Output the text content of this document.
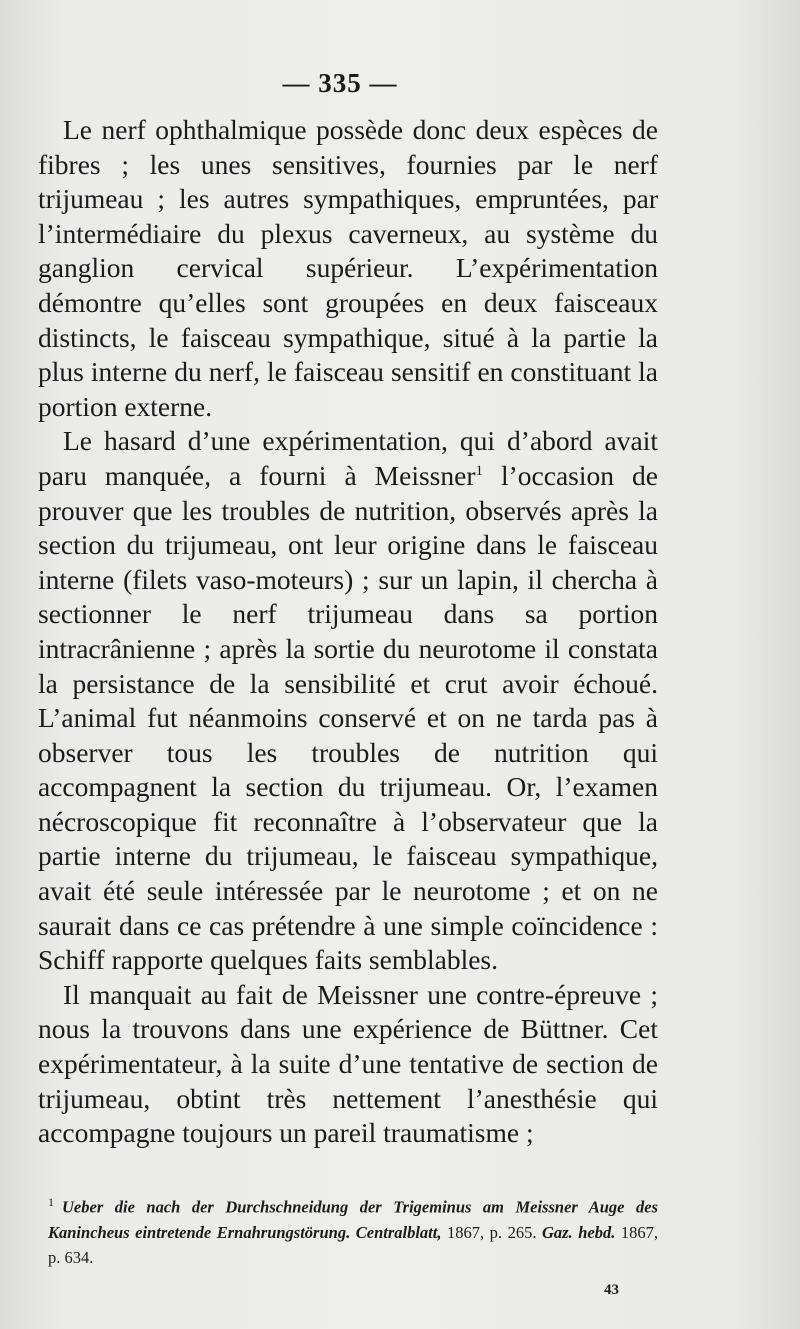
— 335 —

Le nerf ophthalmique possède donc deux espèces de fibres ; les unes sensitives, fournies par le nerf trijumeau ; les autres sympathiques, empruntées, par l’intermédiaire du plexus caverneux, au système du ganglion cervical supérieur. L’expérimentation démontre qu’elles sont groupées en deux faisceaux distincts, le faisceau sympathique, situé à la partie la plus interne du nerf, le faisceau sensitif en constituant la portion externe.

Le hasard d’une expérimentation, qui d’abord avait paru manquée, a fourni à Meissner$^1$ l’occasion de prouver que les troubles de nutrition, observés après la section du trijumeau, ont leur origine dans le faisceau interne (filets vaso-moteurs) ; sur un lapin, il chercha à sectionner le nerf trijumeau dans sa portion intracrânienne ; après la sortie du neurotome il constata la persistance de la sensibilité et crut avoir échoué. L’animal fut néanmoins conservé et on ne tarda pas à observer tous les troubles de nutrition qui accompagnent la section du trijumeau. Or, l’examen nécroscopique fit reconnaître à l’observateur que la partie interne du trijumeau, le faisceau sympathique, avait été seule intéressée par le neurotome ; et on ne saurait dans ce cas prétendre à une simple coïncidence : Schiff rapporte quelques faits semblables.

Il manquait au fait de Meissner une contre-épreuve ; nous la trouvons dans une expérience de Büttner. Cet expérimentateur, à la suite d’une tentative de section de trijumeau, obtint très nettement l’anesthésie qui accompagne toujours un pareil traumatisme ;

$^1$ Ueber die nach der Durchschneidung der Trigeminus am Meissner Auge des Kanincheus eintretende Ernahrungstörung. Centralblatt, 1867, p. 265. Gaz. hebd. 1867, p. 634.
43
